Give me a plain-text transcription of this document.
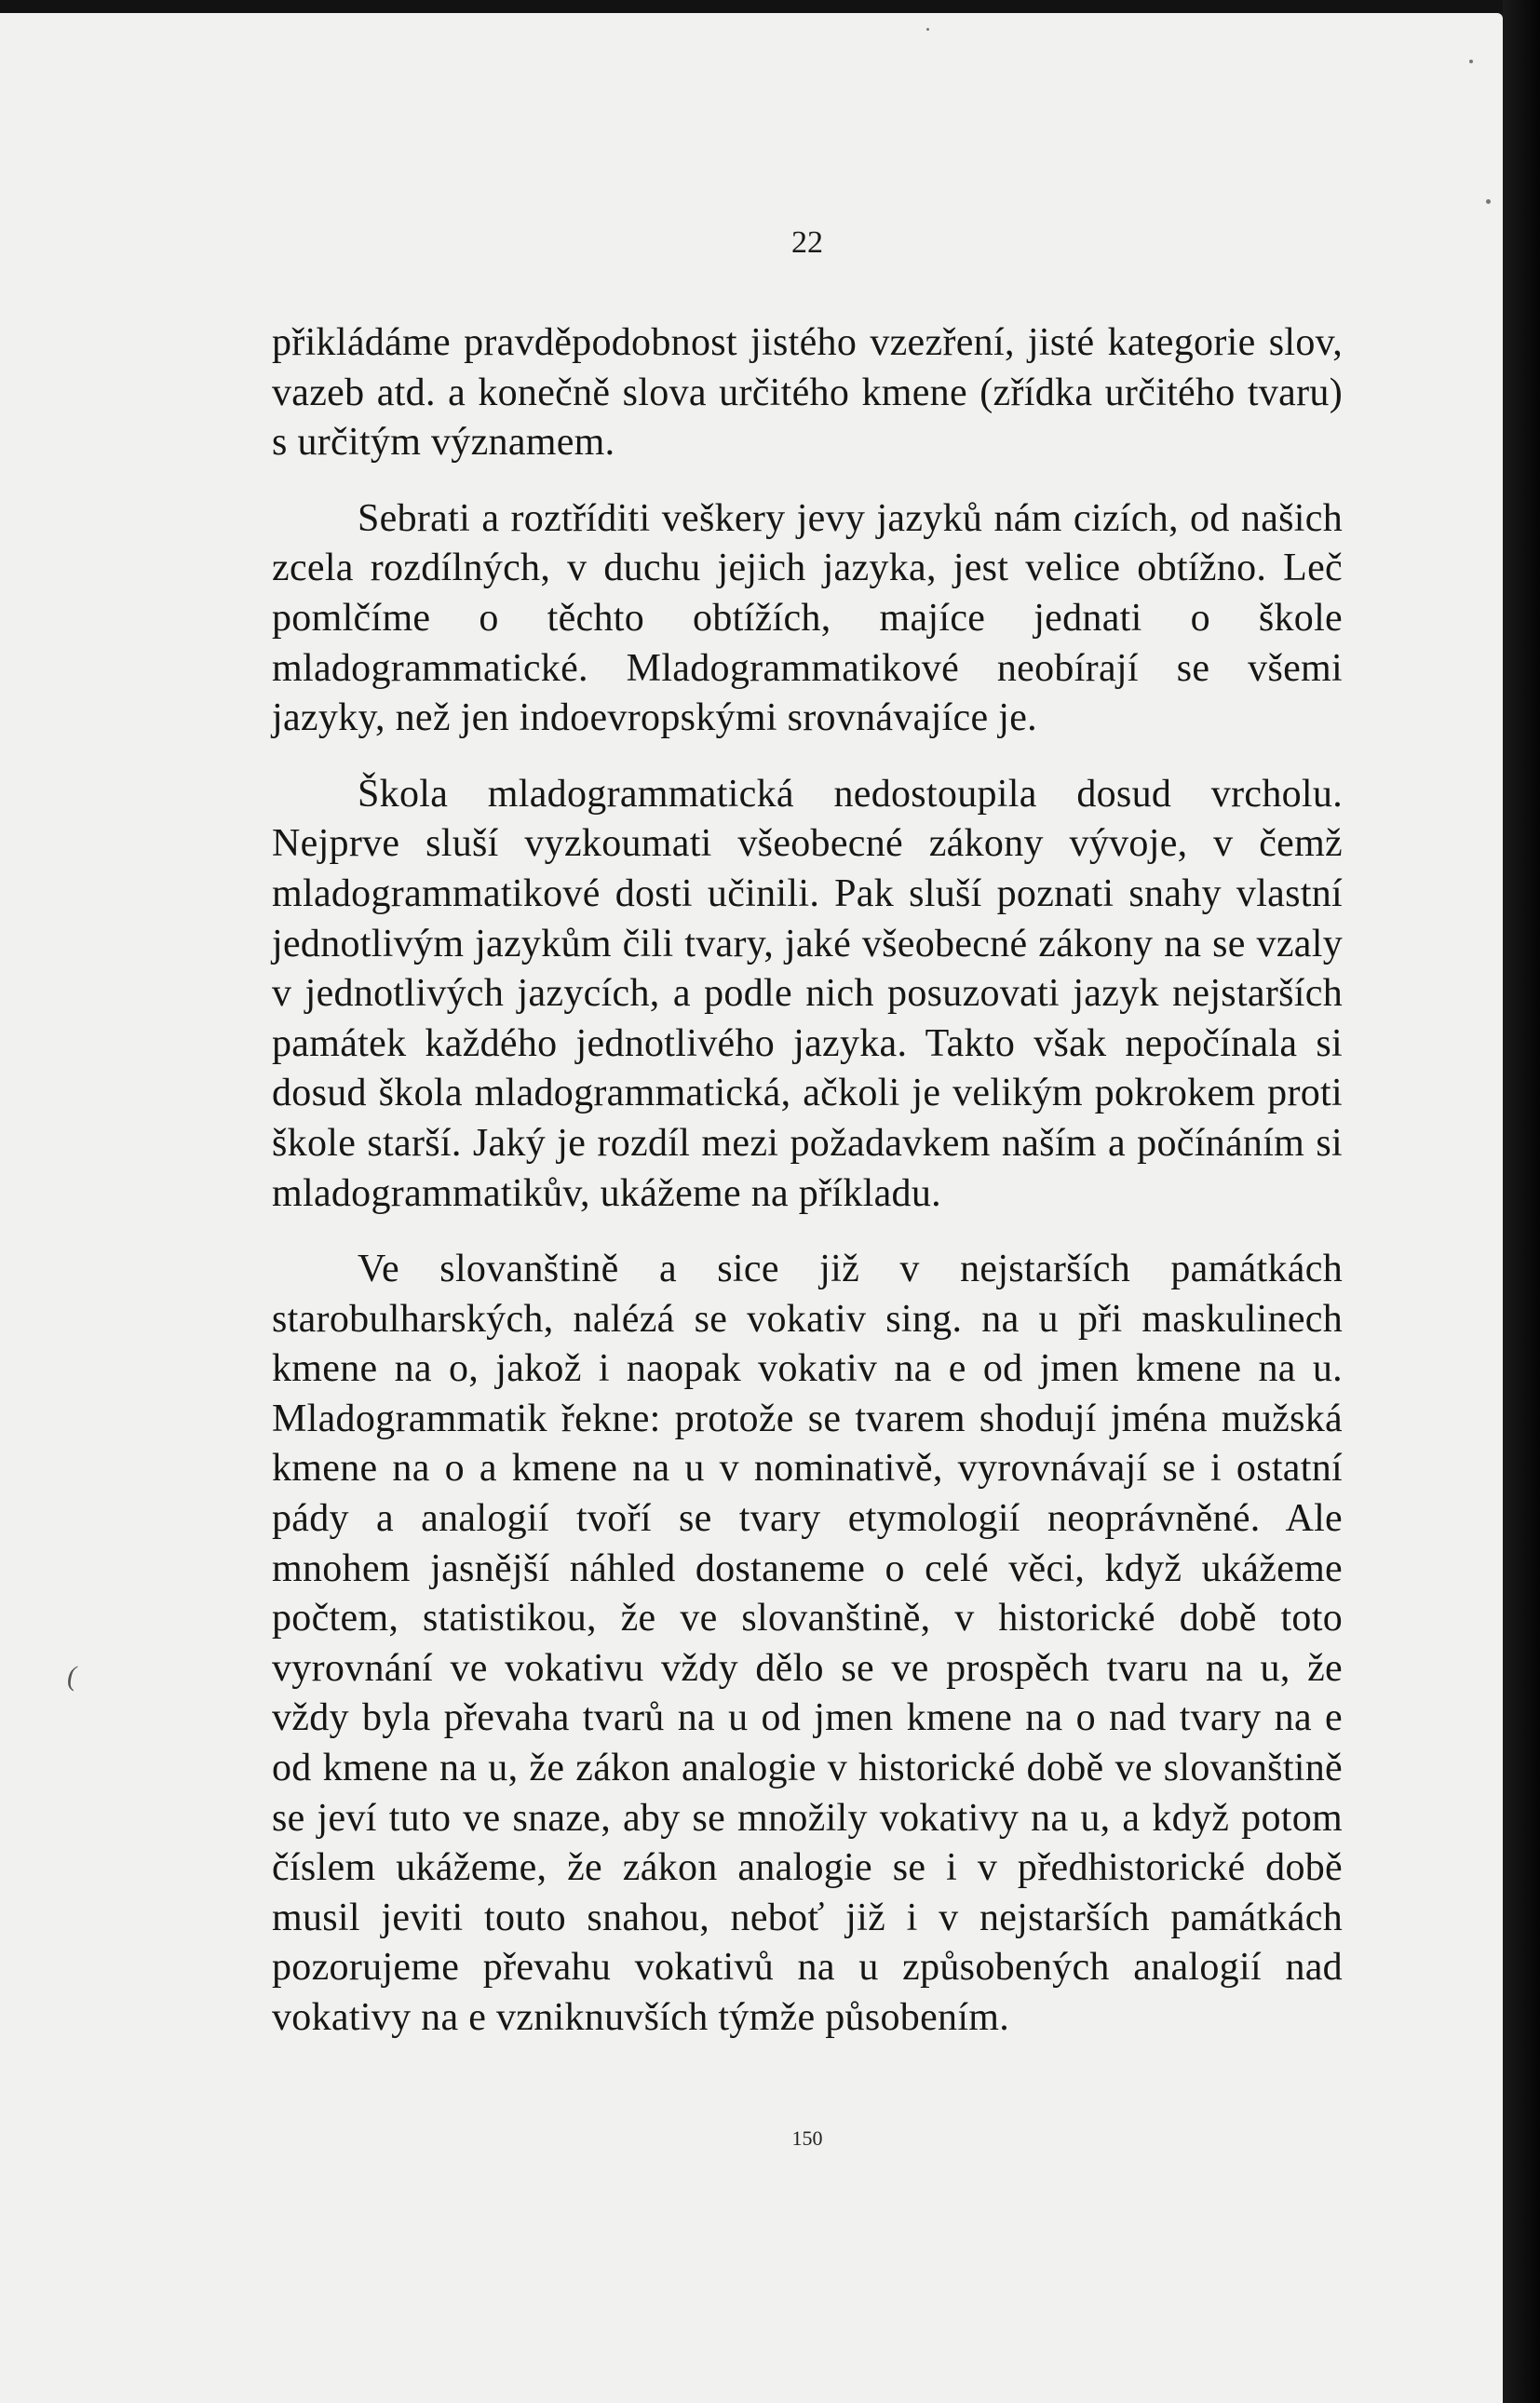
22

přikládáme pravděpodobnost jistého vzezření, jisté kategorie slov, vazeb atd. a konečně slova určitého kmene (zřídka určitého tvaru) s určitým významem.

Sebrati a roztříditi veškery jevy jazyků nám cizích, od našich zcela rozdílných, v duchu jejich jazyka, jest velice obtížno. Leč pomlčíme o těchto obtížích, majíce jednati o škole mladogrammatické. Mladogrammatikové neobírají se všemi jazyky, než jen indoevropskými srovnávajíce je.

Škola mladogrammatická nedostoupila dosud vrcholu. Nejprve sluší vyzkoumati všeobecné zákony vývoje, v čemž mladogrammatikové dosti učinili. Pak sluší poznati snahy vlastní jednotlivým jazykům čili tvary, jaké všeobecné zákony na se vzaly v jednotlivých jazycích, a podle nich posuzovati jazyk nejstarších památek každého jednotlivého jazyka. Takto však nepočínala si dosud škola mladogrammatická, ačkoli je velikým pokrokem proti škole starší. Jaký je rozdíl mezi požadavkem naším a počínáním si mladogrammatikův, ukážeme na příkladu.

Ve slovanštině a sice již v nejstarších památkách starobulharských, nalézá se vokativ sing. na u při maskulinech kmene na o, jakož i naopak vokativ na e od jmen kmene na u. Mladogrammatik řekne: protože se tvarem shodují jména mužská kmene na o a kmene na u v nominativě, vyrovnávají se i ostatní pády a analogií tvoří se tvary etymologií neoprávněné. Ale mnohem jasnější náhled dostaneme o celé věci, když ukážeme počtem, statistikou, že ve slovanštině, v historické době toto vyrovnání ve vokativu vždy dělo se ve prospěch tvaru na u, že vždy byla převaha tvarů na u od jmen kmene na o nad tvary na e od kmene na u, že zákon analogie v historické době ve slovanštině se jeví tuto ve snaze, aby se množily vokativy na u, a když potom číslem ukážeme, že zákon analogie se i v předhistorické době musil jeviti touto snahou, neboť již i v nejstarších památkách pozorujeme převahu vokativů na u způsobených analogií nad vokativy na e vzniknuvších týmže působením.

(
150
